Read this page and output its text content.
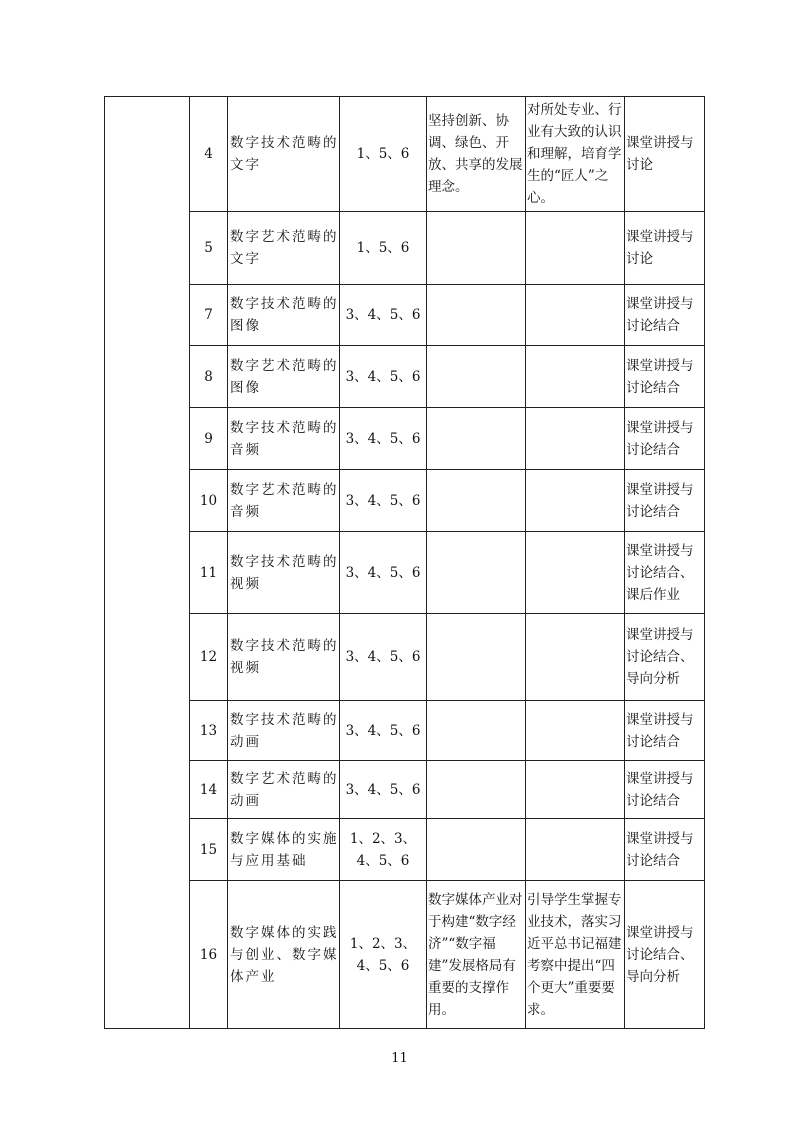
	4	数字技术范畴的文字	1、5、6	坚持创新、协调、绿色、开放、共享的发展理念。	对所处专业、行业有大致的认识和理解，培育学生的“匠人”之心。	课堂讲授与讨论
	5	数字艺术范畴的文字	1、5、6			课堂讲授与讨论
	7	数字技术范畴的图像	3、4、5、6			课堂讲授与讨论结合
	8	数字艺术范畴的图像	3、4、5、6			课堂讲授与讨论结合
	9	数字技术范畴的音频	3、4、5、6			课堂讲授与讨论结合
	10	数字艺术范畴的音频	3、4、5、6			课堂讲授与讨论结合
	11	数字技术范畴的视频	3、4、5、6			课堂讲授与讨论结合、课后作业
	12	数字技术范畴的视频	3、4、5、6			课堂讲授与讨论结合、导向分析
	13	数字技术范畴的动画	3、4、5、6			课堂讲授与讨论结合
	14	数字艺术范畴的动画	3、4、5、6			课堂讲授与讨论结合
	15	数字媒体的实施与应用基础	1、2、3、4、5、6			课堂讲授与讨论结合
	16	数字媒体的实践与创业、数字媒体产业	1、2、3、4、5、6	数字媒体产业对于构建“数字经济”“数字福建”发展格局有重要的支撑作用。	引导学生掌握专业技术，落实习近平总书记福建考察中提出“四个更大”重要要求。	课堂讲授与讨论结合、导向分析
11
